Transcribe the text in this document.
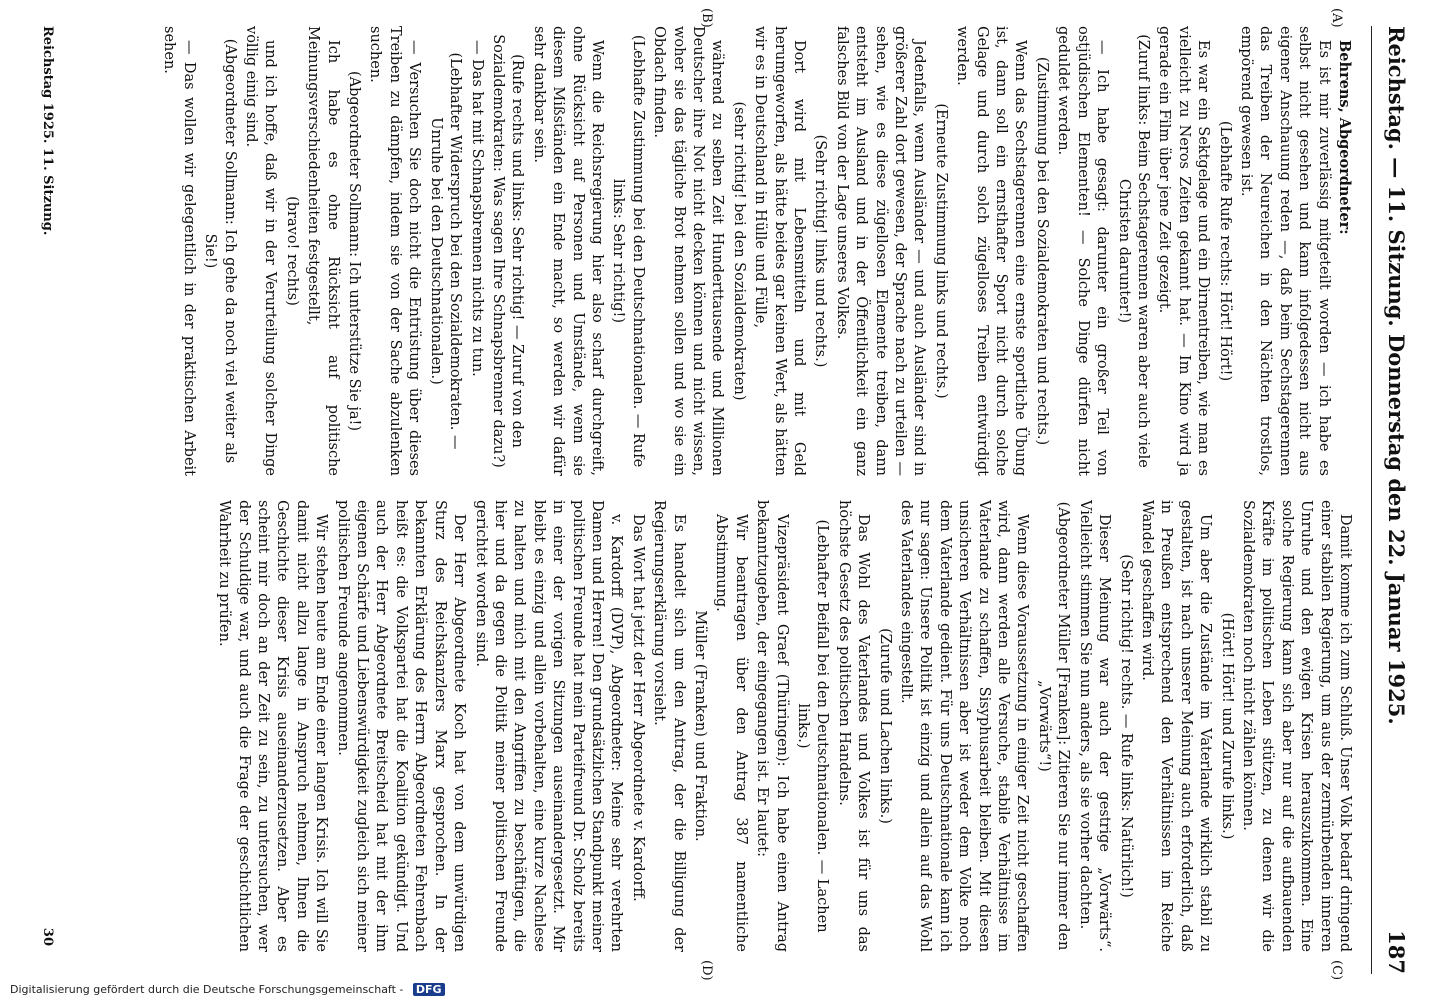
Reichstag. — 11. Sitzung. Donnerstag den 22. Januar 1925.
187
(A)
(B)
(C)
(D)

Behrens, Abgeordneter:

Es ist mir zuverlässig mitgeteilt worden — ich habe es selbst nicht gesehen und kann infolgedessen nicht aus eigener Anschauung reden —, daß beim Sechstagerennen das Treiben der Neureichen in den Nächten trostlos, empörend gewesen ist.

(Lebhafte Rufe rechts: Hört! Hört!)

Es war ein Sektgelage und ein Dirnentreiben, wie man es vielleicht zu Neros Zeiten gekannt hat. — Im Kino wird ja gerade ein Film über jene Zeit gezeigt.

(Zuruf links: Beim Sechstagerennen waren aber auch viele Christen darunter!)

— Ich habe gesagt: darunter ein großer Teil von ostjüdischen Elementen! — Solche Dinge dürfen nicht geduldet werden.

(Zustimmung bei den Sozialdemokraten und rechts.)

Wenn das Sechstagerennen eine ernste sportliche Übung ist, dann soll ein ernsthafter Sport nicht durch solche Gelage und durch solch zügelloses Treiben entwürdigt werden.

(Erneute Zustimmung links und rechts.)

Jedenfalls, wenn Ausländer — und auch Ausländer sind in größerer Zahl dort gewesen, der Sprache nach zu urteilen — sehen, wie es diese zügellosen Elemente treiben, dann entsteht im Ausland und in der Öffentlichkeit ein ganz falsches Bild von der Lage unseres Volkes.

(Sehr richtig! links und rechts.)

Dort wird mit Lebensmitteln und mit Geld herumgeworfen, als hätte beides gar keinen Wert, als hätten wir es in Deutschland in Hülle und Fülle,

(sehr richtig! bei den Sozialdemokraten)

während zu selben Zeit Hunderttausende und Millionen Deutscher ihre Not nicht decken können und nicht wissen, woher sie das tägliche Brot nehmen sollen und wo sie ein Obdach finden.

(Lebhafte Zustimmung bei den Deutschnationalen. — Rufe links: Sehr richtig!)

Wenn die Reichsregierung hier also scharf durchgreift, ohne Rücksicht auf Personen und Umstände, wenn sie diesem Mißständen ein Ende macht, so werden wir dafür sehr dankbar sein.

(Rufe rechts und links: Sehr richtig! — Zuruf von den Sozialdemokraten: Was sagen Ihre Schnapsbrenner dazu?)

— Das hat mit Schnapsbrennen nichts zu tun.

(Lebhafter Widerspruch bei den Sozialdemokraten. — Unruhe bei den Deutschnationalen.)

— Versuchen Sie doch nicht die Entrüstung über dieses Treiben zu dämpfen, indem sie von der Sache abzulenken suchen.

(Abgeordneter Sollmann: Ich unterstütze Sie ja!)

Ich habe es ohne Rücksicht auf politische Meinungsverschiedenheiten festgestellt,

(bravo! rechts)

und ich hoffe, daß wir in der Verurteilung solcher Dinge völlig einig sind.

(Abgeordneter Sollmann: Ich gehe da noch viel weiter als Sie!)

— Das wollen wir gelegentlich in der praktischen Arbeit sehen.

Damit komme ich zum Schluß. Unser Volk bedarf dringend einer stabilen Regierung, um aus der zermürbenden inneren Unruhe und den ewigen Krisen herauszukommen. Eine solche Regierung kann sich aber nur auf die aufbauenden Kräfte im politischen Leben stützen, zu denen wir die Sozialdemokraten noch nicht zählen können.

(Hört! Hört! und Zurufe links.)

Um aber die Zustände im Vaterlande wirklich stabil zu gestalten, ist nach unserer Meinung auch erforderlich, daß in Preußen entsprechend den Verhältnissen im Reiche Wandel geschaffen wird.

(Sehr richtig! rechts. — Rufe links: Natürlich!)

Dieser Meinung war auch der gestrige „Vorwärts“. Vielleicht stimmen Sie nun anders, als sie vorher dachten.

(Abgeordneter Müller [Franken]: Zitieren Sie nur immer den „Vorwärts“!)

Wenn diese Voraussetzung in einiger Zeit nicht geschaffen wird, dann werden alle Versuche, stabile Verhältnisse im Vaterlande zu schaffen, Sisyphusarbeit bleiben. Mit diesen unsicheren Verhältnissen aber ist weder dem Volke noch dem Vaterlande gedient. Für uns Deutschnationale kann ich nur sagen: Unsere Politik ist einzig und allein auf das Wohl des Vaterlandes eingestellt.

(Zurufe und Lachen links.)

Das Wohl des Vaterlandes und Volkes ist für uns das höchste Gesetz des politischen Handelns.

(Lebhafter Beifall bei den Deutschnationalen. — Lachen links.)

Vizepräsident Graef (Thüringen): Ich habe einen Antrag bekanntzugeben, der eingegangen ist. Er lautet:

Wir beantragen über den Antrag 387 namentliche Abstimmung.

Müller (Franken) und Fraktion.

Es handelt sich um den Antrag, der die Billigung der Regierungserklärung vorsieht.

Das Wort hat jetzt der Herr Abgeordnete v. Kardorff.

v. Kardorff (DVP), Abgeordneter: Meine sehr verehrten Damen und Herren! Den grundsätzlichen Standpunkt meiner politischen Freunde hat mein Parteifreund Dr. Scholz bereits in einer der vorigen Sitzungen auseinandergesetzt. Mir bleibt es einzig und allein vorbehalten, eine kurze Nachlese zu halten und mich mit den Angriffen zu beschäftigen, die hier und da gegen die Politik meiner politischen Freunde gerichtet worden sind.

Der Herr Abgeordnete Koch hat von dem unwürdigen Sturz des Reichskanzlers Marx gesprochen. In der bekannten Erklärung des Herrn Abgeordneten Fehrenbach heißt es: die Volkspartei hat die Koalition gekündigt. Und auch der Herr Abgeordnete Breitscheid hat mit der ihm eigenen Schärfe und Liebenswürdigkeit zugleich sich meiner politischen Freunde angenommen.

Wir stehen heute am Ende einer langen Krisis. Ich will Sie damit nicht allzu lange in Anspruch nehmen, Ihnen die Geschichte dieser Krisis auseinanderzusetzen. Aber es scheint mir doch an der Zeit zu sein, zu untersuchen, wer der Schuldige war, und auch die Frage der geschichtlichen Wahrheit zu prüfen.

Reichstag 1925. 11. Sitzung.
30
Digitalisierung gefördert durch die Deutsche Forschungsgemeinschaft - DFG
